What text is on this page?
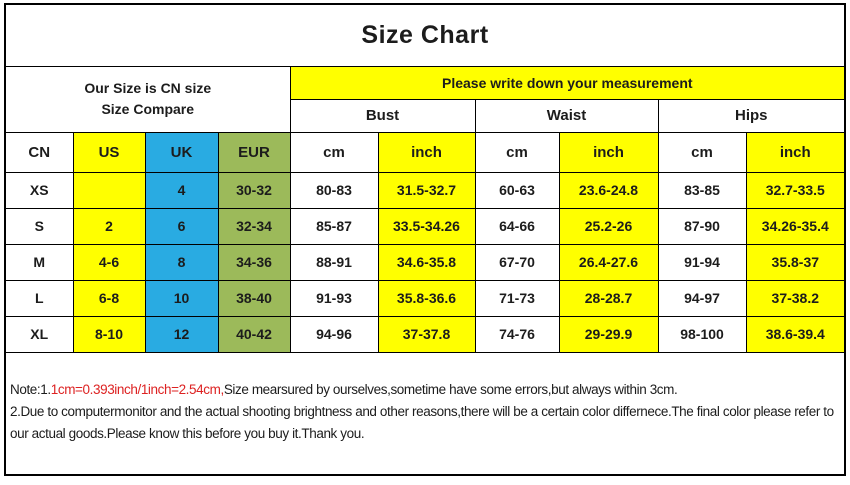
Size Chart									

Our Size is CN size
Size Compare				Please write down your measurement					
				Bust		Waist		Hips	
CN	US	UK	EUR	cm	inch	cm	inch	cm	inch
XS		4	30-32	80-83	31.5-32.7	60-63	23.6-24.8	83-85	32.7-33.5
S	2	6	32-34	85-87	33.5-34.26	64-66	25.2-26	87-90	34.26-35.4
M	4-6	8	34-36	88-91	34.6-35.8	67-70	26.4-27.6	91-94	35.8-37
L	6-8	10	38-40	91-93	35.8-36.6	71-73	28-28.7	94-97	37-38.2
XL	8-10	12	40-42	94-96	37-37.8	74-76	29-29.9	98-100	38.6-39.4

Note:1.1cm=0.393inch/1inch=2.54cm,Size mearsured by ourselves,sometime have some errors,but always within 3cm.
2.Due to computermonitor and the actual shooting brightness and other reasons,there will be a certain color differnece.The final color please refer to our actual goods.Please know this before you buy it.Thank you.									
